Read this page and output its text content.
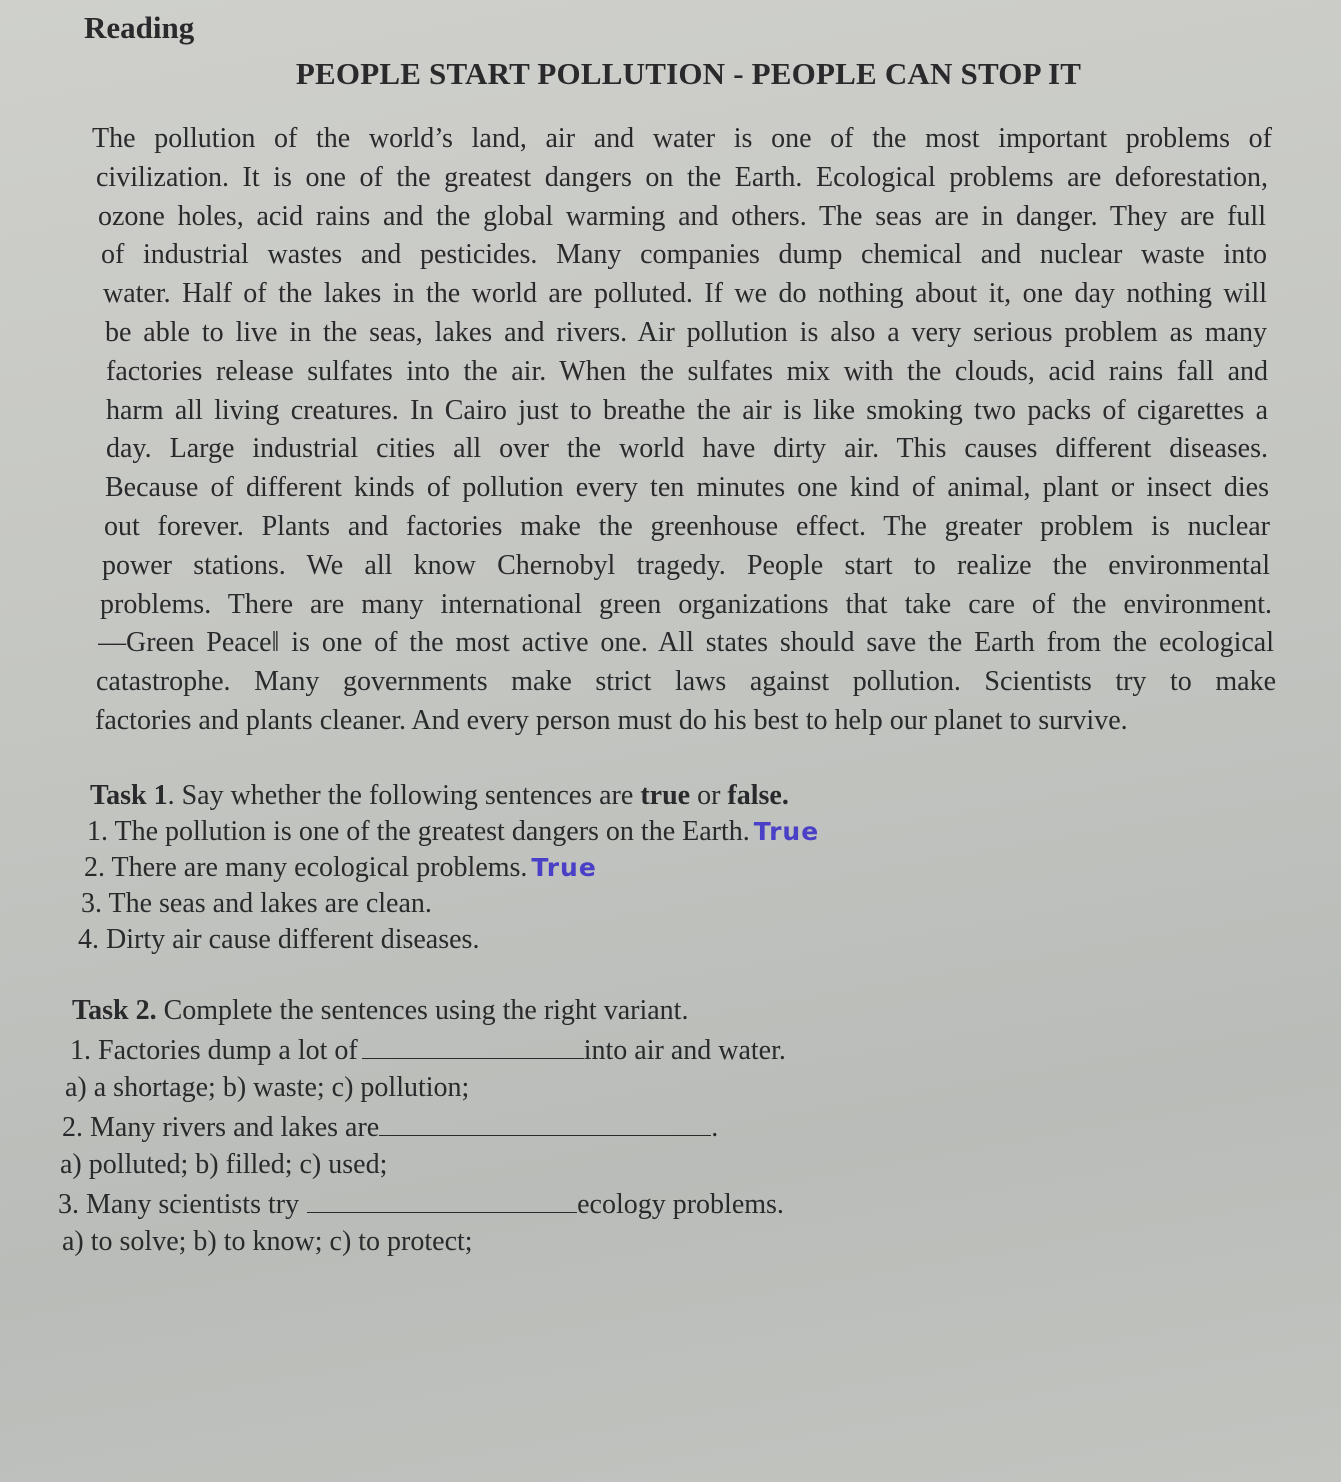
Reading
PEOPLE START POLLUTION - PEOPLE CAN STOP IT
The pollution of the world’s land, air and water is one of the most important problems of
civilization. It is one of the greatest dangers on the Earth. Ecological problems are deforestation,
ozone holes, acid rains and the global warming and others. The seas are in danger. They are full
of industrial wastes and pesticides. Many companies dump chemical and nuclear waste into
water. Half of the lakes in the world are polluted. If we do nothing about it, one day nothing will
be able to live in the seas, lakes and rivers. Air pollution is also a very serious problem as many
factories release sulfates into the air. When the sulfates mix with the clouds, acid rains fall and
harm all living creatures. In Cairo just to breathe the air is like smoking two packs of cigarettes a
day. Large industrial cities all over the world have dirty air. This causes different diseases.
Because of different kinds of pollution every ten minutes one kind of animal, plant or insect dies
out forever. Plants and factories make the greenhouse effect. The greater problem is nuclear
power stations. We all know Chernobyl tragedy. People start to realize the environmental
problems. There are many international green organizations that take care of the environment.
—Green Peace‖ is one of the most active one. All states should save the Earth from the ecological
catastrophe. Many governments make strict laws against pollution. Scientists try to make
factories and plants cleaner. And every person must do his best to help our planet to survive.
Task 1. Say whether the following sentences are true or false.
1. The pollution is one of the greatest dangers on the Earth. True
2. There are many ecological problems. True
3. The seas and lakes are clean.
4. Dirty air cause different diseases.
Task 2. Complete the sentences using the right variant.
1. Factories dump a lot of	into air and water.
a) a shortage; b) waste; c) pollution;
2. Many rivers and lakes are	.
a) polluted; b) filled; c) used;
3. Many scientists try	ecology problems.
a) to solve; b) to know; c) to protect;
